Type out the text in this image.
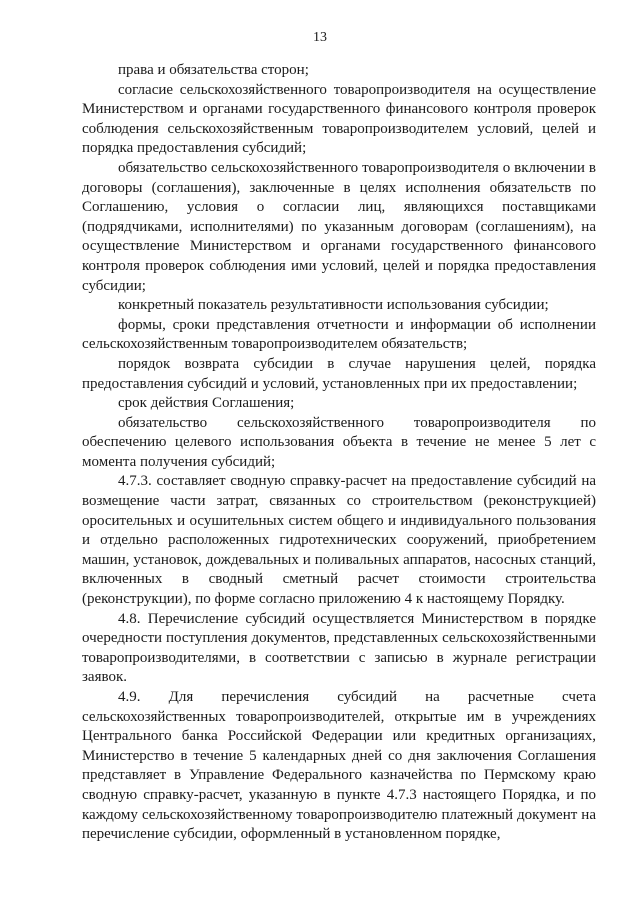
13

права и обязательства сторон;

согласие сельскохозяйственного товаропроизводителя на осуществление Министерством и органами государственного финансового контроля проверок соблюдения сельскохозяйственным товаропроизводителем условий, целей и порядка предоставления субсидий;

обязательство сельскохозяйственного товаропроизводителя о включении в договоры (соглашения), заключенные в целях исполнения обязательств по Соглашению, условия о согласии лиц, являющихся поставщиками (подрядчиками, исполнителями) по указанным договорам (соглашениям), на осуществление Министерством и органами государственного финансового контроля проверок соблюдения ими условий, целей и порядка предоставления субсидии;

конкретный показатель результативности использования субсидии;

формы, сроки представления отчетности и информации об исполнении сельскохозяйственным товаропроизводителем обязательств;

порядок возврата субсидии в случае нарушения целей, порядка предоставления субсидий и условий, установленных при их предоставлении;

срок действия Соглашения;

обязательство сельскохозяйственного товаропроизводителя по обеспечению целевого использования объекта в течение не менее 5 лет с момента получения субсидий;

4.7.3. составляет сводную справку-расчет на предоставление субсидий на возмещение части затрат, связанных со строительством (реконструкцией) оросительных и осушительных систем общего и индивидуального пользования и отдельно расположенных гидротехнических сооружений, приобретением машин, установок, дождевальных и поливальных аппаратов, насосных станций, включенных в сводный сметный расчет стоимости строительства (реконструкции), по форме согласно приложению 4 к настоящему Порядку.

4.8. Перечисление субсидий осуществляется Министерством в порядке очередности поступления документов, представленных сельскохозяйственными товаропроизводителями, в соответствии с записью в журнале регистрации заявок.

4.9. Для перечисления субсидий на расчетные счета сельскохозяйственных товаропроизводителей, открытые им в учреждениях Центрального банка Российской Федерации или кредитных организациях, Министерство в течение 5 календарных дней со дня заключения Соглашения представляет в Управление Федерального казначейства по Пермскому краю сводную справку-расчет, указанную в пункте 4.7.3 настоящего Порядка, и по каждому сельскохозяйственному товаропроизводителю платежный документ на перечисление субсидии, оформленный в установленном порядке,
